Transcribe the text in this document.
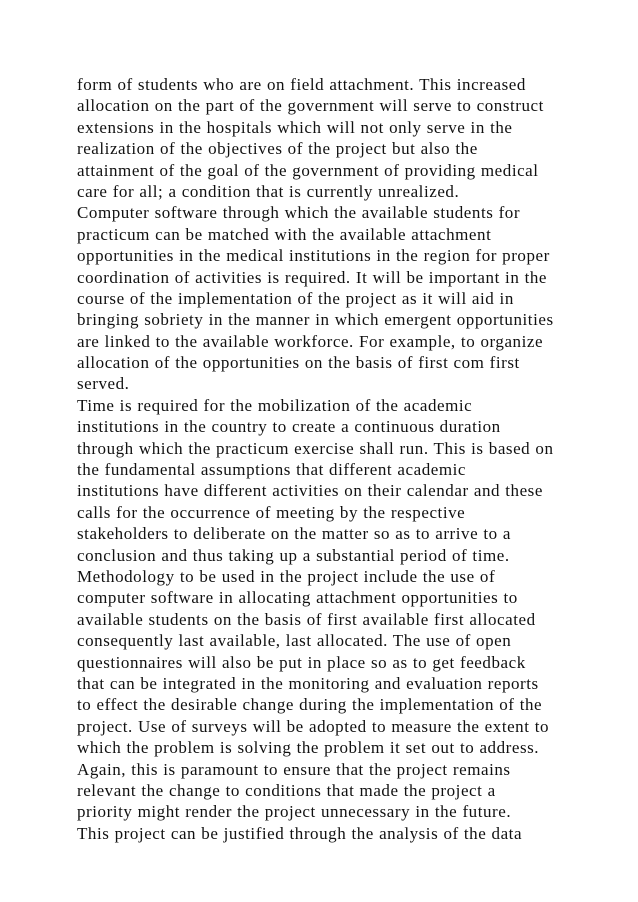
form of students who are on field attachment. This increased
allocation on the part of the government will serve to construct
extensions in the hospitals which will not only serve in the
realization of the objectives of the project but also the
attainment of the goal of the government of providing medical
care for all; a condition that is currently unrealized.
Computer software through which the available students for
practicum can be matched with the available attachment
opportunities in the medical institutions in the region for proper
coordination of activities is required. It will be important in the
course of the implementation of the project as it will aid in
bringing sobriety in the manner in which emergent opportunities
are linked to the available workforce. For example, to organize
allocation of the opportunities on the basis of first com first
served.
Time is required for the mobilization of the academic
institutions in the country to create a continuous duration
through which the practicum exercise shall run. This is based on
the fundamental assumptions that different academic
institutions have different activities on their calendar and these
calls for the occurrence of meeting by the respective
stakeholders to deliberate on the matter so as to arrive to a
conclusion and thus taking up a substantial period of time.
Methodology to be used in the project include the use of
computer software in allocating attachment opportunities to
available students on the basis of first available first allocated
consequently last available, last allocated. The use of open
questionnaires will also be put in place so as to get feedback
that can be integrated in the monitoring and evaluation reports
to effect the desirable change during the implementation of the
project. Use of surveys will be adopted to measure the extent to
which the problem is solving the problem it set out to address.
Again, this is paramount to ensure that the project remains
relevant the change to conditions that made the project a
priority might render the project unnecessary in the future.
This project can be justified through the analysis of the data
